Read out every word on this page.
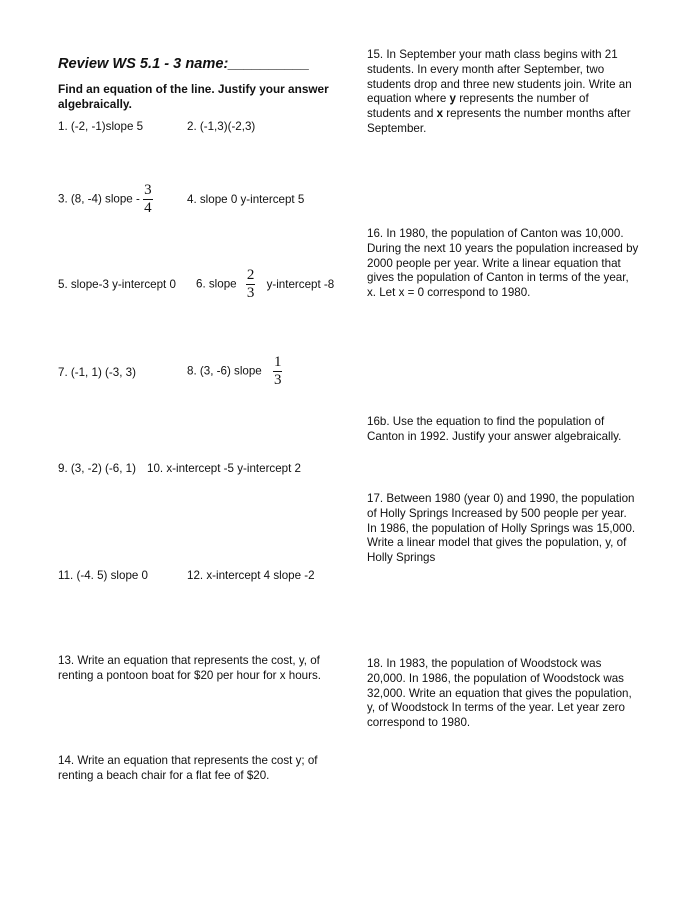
Review WS 5.1 - 3 name:__________
Find an equation of the line. Justify your answer algebraically.
1. (-2, -1)slope 5	2. (-1,3)(-2,3)
3. (8, -4) slope - $\frac{3}{4}$	4. slope 0 y-intercept 5
5. slope-3 y-intercept 0 6. slope $\frac{2}{3}$ y-intercept -8
7. (-1, 1) (-3, 3)	8. (3, -6) slope $\frac{1}{3}$
9. (3, -2) (-6, 1) 10. x-intercept -5 y-intercept 2
11. (-4. 5) slope 0	12. x-intercept 4 slope -2
13. Write an equation that represents the cost, y, of renting a pontoon boat for $20 per hour for x hours.
14. Write an equation that represents the cost y; of renting a beach chair for a flat fee of $20.
15. In September your math class begins with 21 students. In every month after September, two students drop and three new students join. Write an equation where y represents the number of students and x represents the number months after September.
16. In 1980, the population of Canton was 10,000. During the next 10 years the population increased by 2000 people per year. Write a linear equation that gives the population of Canton in terms of the year, x. Let x = 0 correspond to 1980.
16b. Use the equation to find the population of Canton in 1992. Justify your answer algebraically.
17. Between 1980 (year 0) and 1990, the population of Holly Springs Increased by 500 people per year. In 1986, the population of Holly Springs was 15,000. Write a linear model that gives the population, y, of Holly Springs
18. In 1983, the population of Woodstock was 20,000. In 1986, the population of Woodstock was 32,000. Write an equation that gives the population, y, of Woodstock In terms of the year. Let year zero correspond to 1980.
